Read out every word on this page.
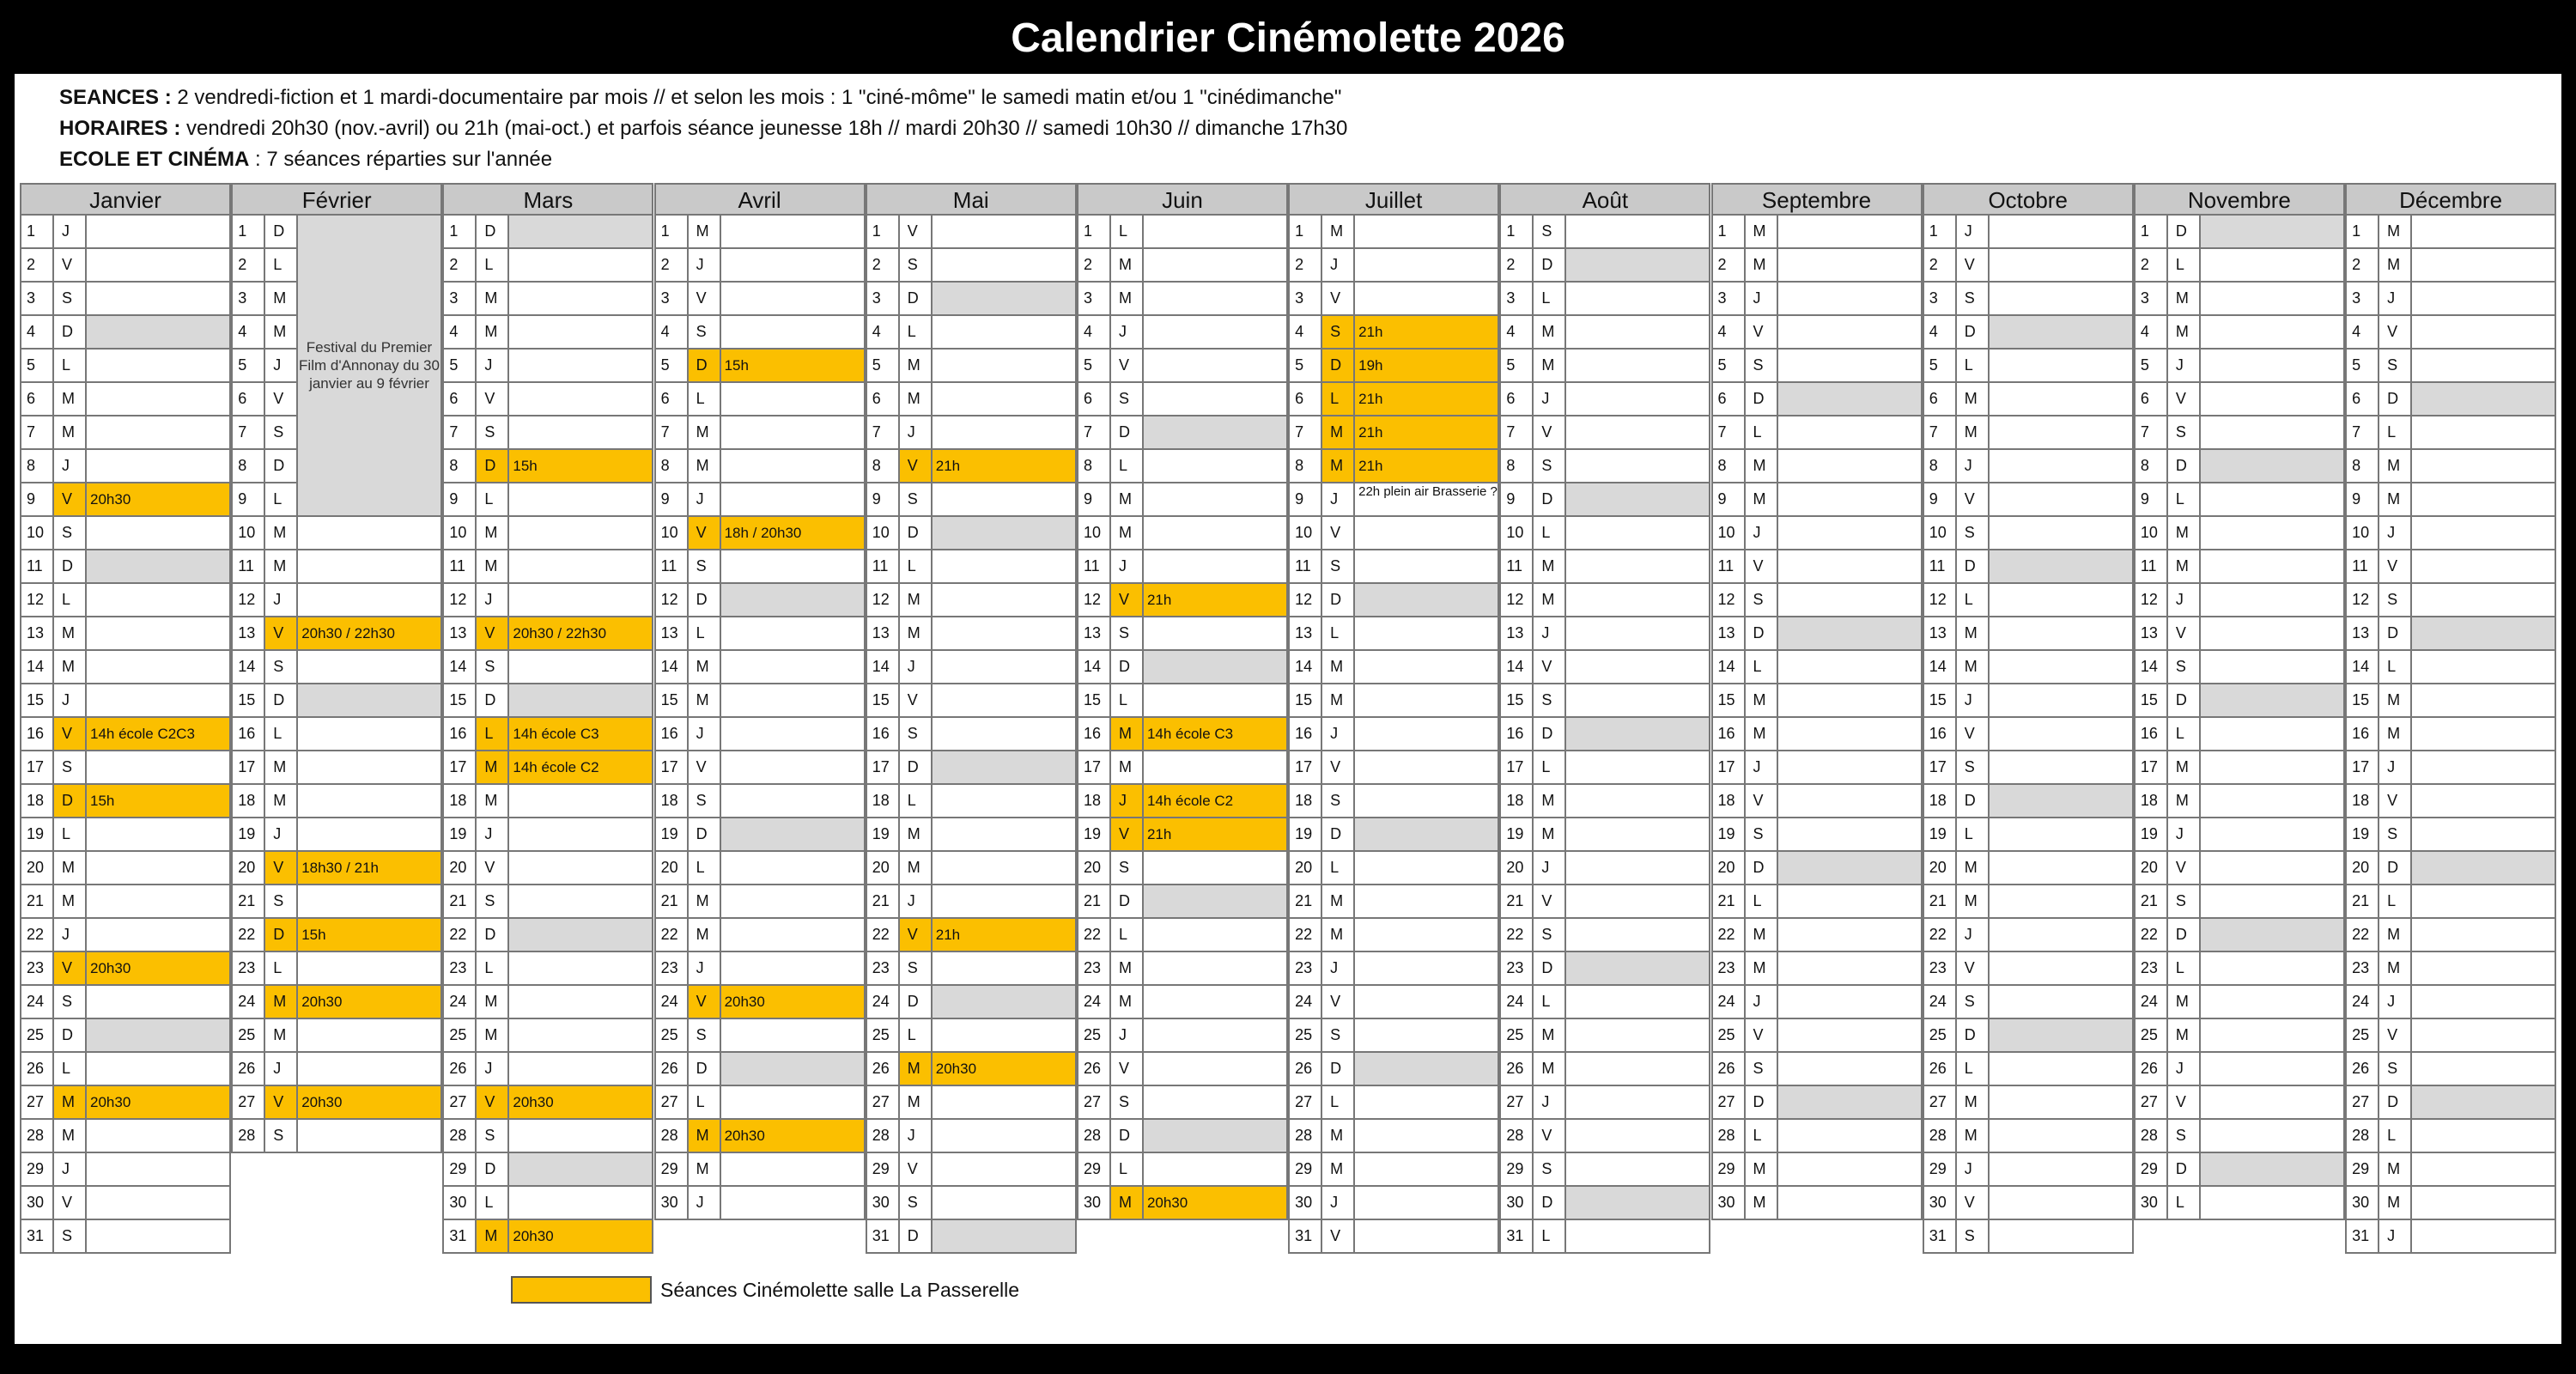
Calendrier Cinémolette 2026
SEANCES : 2 vendredi-fiction et 1 mardi-documentaire par mois // et selon les mois : 1 "ciné-môme" le samedi matin et/ou 1 "cinédimanche"
HORAIRES : vendredi 20h30 (nov.-avril) ou 21h (mai-oct.) et parfois séance jeunesse 18h // mardi 20h30 // samedi 10h30 // dimanche 17h30
ECOLE ET CINÉMA : 7 séances réparties sur l'année
Janvier
1	J
2	V
3	S
4	D
5	L
6	M
7	M
8	J
9	V	20h30
10	S
11	D
12	L
13	M
14	M
15	J
16	V	14h école C2C3
17	S
18	D	15h
19	L
20	M
21	M
22	J
23	V	20h30
24	S
25	D
26	L
27	M	20h30
28	M
29	J
30	V
31	S
Février
1	D
2	L
3	M
4	M
5	J
6	V
7	S
8	D
9	L
10	M
11	M
12	J
13	V	20h30 / 22h30
14	S
15	D
16	L
17	M
18	M
19	J
20	V	18h30 / 21h
21	S
22	D	15h
23	L
24	M	20h30
25	M
26	J
27	V	20h30
28	S
Mars
1	D
2	L
3	M
4	M
5	J
6	V
7	S
8	D	15h
9	L
10	M
11	M
12	J
13	V	20h30 / 22h30
14	S
15	D
16	L	14h école C3
17	M	14h école C2
18	M
19	J
20	V
21	S
22	D
23	L
24	M
25	M
26	J
27	V	20h30
28	S
29	D
30	L
31	M	20h30
Avril
1	M
2	J
3	V
4	S
5	D	15h
6	L
7	M
8	M
9	J
10	V	18h / 20h30
11	S
12	D
13	L
14	M
15	M
16	J
17	V
18	S
19	D
20	L
21	M
22	M
23	J
24	V	20h30
25	S
26	D
27	L
28	M	20h30
29	M
30	J
Mai
1	V
2	S
3	D
4	L
5	M
6	M
7	J
8	V	21h
9	S
10	D
11	L
12	M
13	M
14	J
15	V
16	S
17	D
18	L
19	M
20	M
21	J
22	V	21h
23	S
24	D
25	L
26	M	20h30
27	M
28	J
29	V
30	S
31	D
Juin
1	L
2	M
3	M
4	J
5	V
6	S
7	D
8	L
9	M
10	M
11	J
12	V	21h
13	S
14	D
15	L
16	M	14h école C3
17	M
18	J	14h école C2
19	V	21h
20	S
21	D
22	L
23	M
24	M
25	J
26	V
27	S
28	D
29	L
30	M	20h30
Juillet
1	M
2	J
3	V
4	S	21h
5	D	19h
6	L	21h
7	M	21h
8	M	21h
9	J	22h plein air Brasserie ?
10	V
11	S
12	D
13	L
14	M
15	M
16	J
17	V
18	S
19	D
20	L
21	M
22	M
23	J
24	V
25	S
26	D
27	L
28	M
29	M
30	J
31	V
Août
1	S
2	D
3	L
4	M
5	M
6	J
7	V
8	S
9	D
10	L
11	M
12	M
13	J
14	V
15	S
16	D
17	L
18	M
19	M
20	J
21	V
22	S
23	D
24	L
25	M
26	M
27	J
28	V
29	S
30	D
31	L
Septembre
1	M
2	M
3	J
4	V
5	S
6	D
7	L
8	M
9	M
10	J
11	V
12	S
13	D
14	L
15	M
16	M
17	J
18	V
19	S
20	D
21	L
22	M
23	M
24	J
25	V
26	S
27	D
28	L
29	M
30	M
Octobre
1	J
2	V
3	S
4	D
5	L
6	M
7	M
8	J
9	V
10	S
11	D
12	L
13	M
14	M
15	J
16	V
17	S
18	D
19	L
20	M
21	M
22	J
23	V
24	S
25	D
26	L
27	M
28	M
29	J
30	V
31	S
Novembre
1	D
2	L
3	M
4	M
5	J
6	V
7	S
8	D
9	L
10	M
11	M
12	J
13	V
14	S
15	D
16	L
17	M
18	M
19	J
20	V
21	S
22	D
23	L
24	M
25	M
26	J
27	V
28	S
29	D
30	L
Décembre
1	M
2	M
3	J
4	V
5	S
6	D
7	L
8	M
9	M
10	J
11	V
12	S
13	D
14	L
15	M
16	M
17	J
18	V
19	S
20	D
21	L
22	M
23	M
24	J
25	V
26	S
27	D
28	L
29	M
30	M
31	J
Festival du Premier Film d'Annonay du 30 janvier au 9 février
Séances Cinémolette salle La Passerelle
